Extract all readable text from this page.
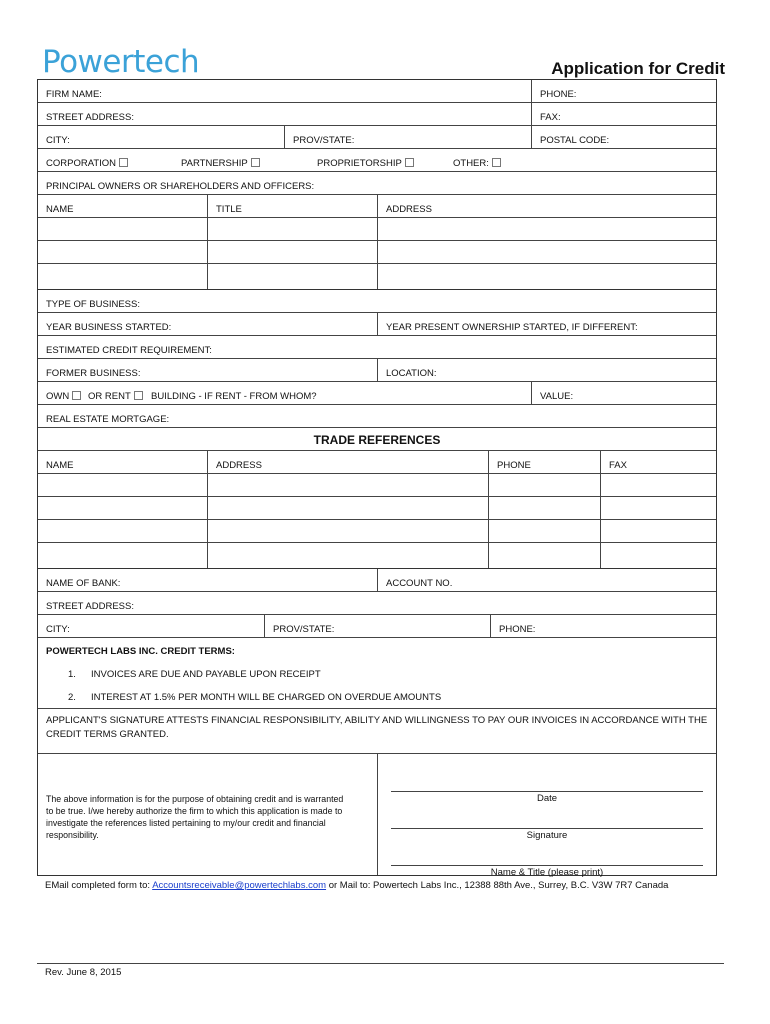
Powertech	Application for Credit
FIRM NAME:	PHONE:
STREET ADDRESS:	FAX:
CITY:	PROV/STATE:	POSTAL CODE:
CORPORATION	PARTNERSHIP	PROPRIETORSHIP	OTHER:
PRINCIPAL OWNERS OR SHAREHOLDERS AND OFFICERS:
NAME	TITLE	ADDRESS
TYPE OF BUSINESS:
YEAR BUSINESS STARTED:	YEAR PRESENT OWNERSHIP STARTED, IF DIFFERENT:
ESTIMATED CREDIT REQUIREMENT:
FORMER BUSINESS:	LOCATION:
OWN	OR RENT	BUILDING - IF RENT - FROM WHOM?	VALUE:
REAL ESTATE MORTGAGE:
TRADE REFERENCES
NAME	ADDRESS	PHONE	FAX
NAME OF BANK:	ACCOUNT NO.
STREET ADDRESS:
CITY:	PROV/STATE:	PHONE:
POWERTECH LABS INC. CREDIT TERMS:
1. INVOICES ARE DUE AND PAYABLE UPON RECEIPT
2. INTEREST AT 1.5% PER MONTH WILL BE CHARGED ON OVERDUE AMOUNTS
APPLICANT'S SIGNATURE ATTESTS FINANCIAL RESPONSIBILITY, ABILITY AND WILLINGNESS TO PAY OUR INVOICES IN ACCORDANCE WITH THE CREDIT TERMS GRANTED.
The above information is for the purpose of obtaining credit and is warranted to be true. I/we hereby authorize the firm to which this application is made to investigate the references listed pertaining to my/our credit and financial responsibility.
Date
Signature
Name & Title (please print)
EMail completed form to: Accountsreceivable@powertechlabs.com or Mail to: Powertech Labs Inc., 12388 88th Ave., Surrey, B.C. V3W 7R7 Canada
Rev. June 8, 2015
